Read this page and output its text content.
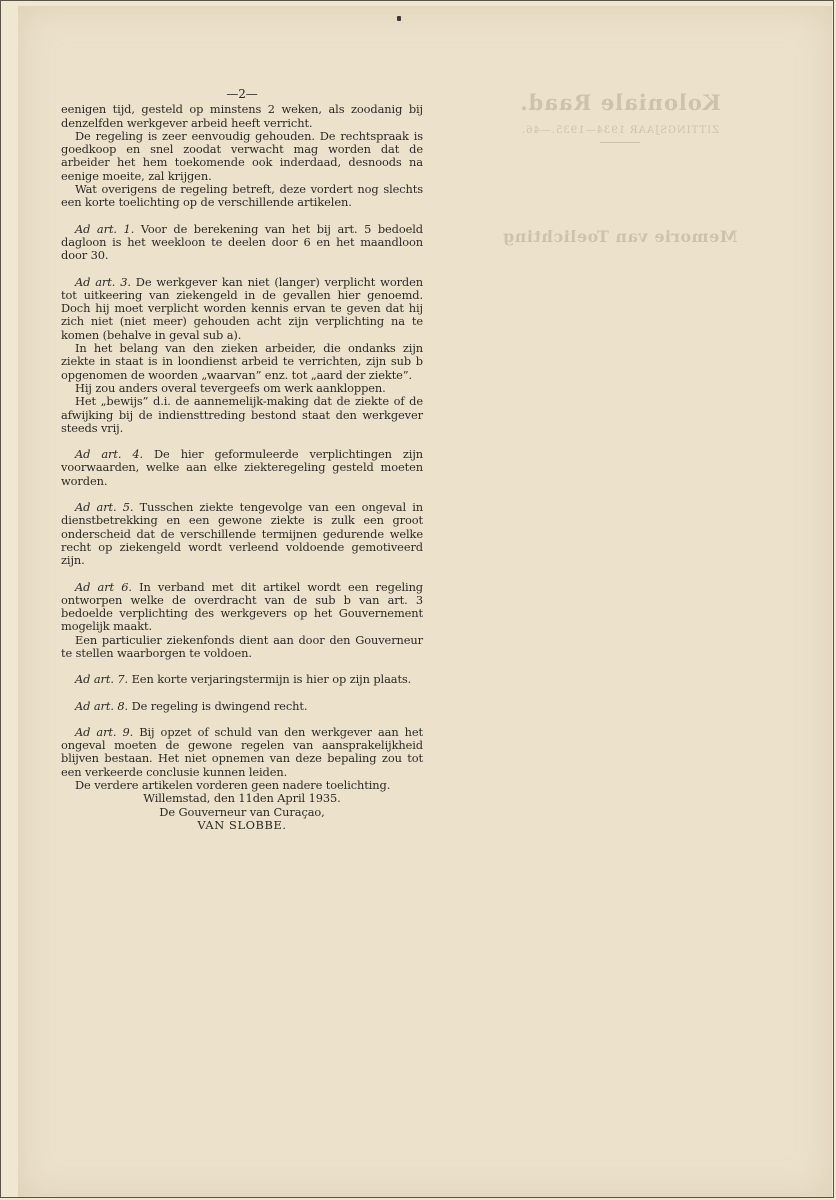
Koloniale Raad.
ZITTINGSJAAR 1934—1935.—46.
Memorie van Toelichting
—2—

eenigen tijd, gesteld op minstens 2 weken, als zoodanig bij denzelfden werkgever arbeid heeft verricht.

De regeling is zeer eenvoudig gehouden. De rechtspraak is goedkoop en snel zoodat verwacht mag worden dat de arbeider het hem toekomende ook inderdaad, desnoods na eenige moeite, zal krijgen.

Wat overigens de regeling betreft, deze vordert nog slechts een korte toelichting op de verschillende artikelen.

Ad art. 1. Voor de berekening van het bij art. 5 bedoeld dagloon is het weekloon te deelen door 6 en het maandloon door 30.

Ad art. 3. De werkgever kan niet (langer) verplicht worden tot uitkeering van ziekengeld in de gevallen hier genoemd. Doch hij moet verplicht worden kennis ervan te geven dat hij zich niet (niet meer) gehouden acht zijn verplichting na te komen (behalve in geval sub a).

In het belang van den zieken arbeider, die ondanks zijn ziekte in staat is in loondienst arbeid te verrichten, zijn sub b opgenomen de woorden „waarvan” enz. tot „aard der ziekte”.

Hij zou anders overal tevergeefs om werk aankloppen.

Het „bewijs” d.i. de aannemelijk-making dat de ziekte of de afwijking bij de indiensttreding bestond staat den werkgever steeds vrij.

Ad art. 4. De hier geformuleerde verplichtingen zijn voorwaarden, welke aan elke ziekteregeling gesteld moeten worden.

Ad art. 5. Tusschen ziekte tengevolge van een ongeval in dienstbetrekking en een gewone ziekte is zulk een groot onderscheid dat de verschillende termijnen gedurende welke recht op ziekengeld wordt verleend voldoende gemotiveerd zijn.

Ad art 6. In verband met dit artikel wordt een regeling ontworpen welke de overdracht van de sub b van art. 3 bedoelde verplichting des werkgevers op het Gouvernement mogelijk maakt.

Een particulier ziekenfonds dient aan door den Gouverneur te stellen waarborgen te voldoen.

Ad art. 7. Een korte verjaringstermijn is hier op zijn plaats.

Ad art. 8. De regeling is dwingend recht.

Ad art. 9. Bij opzet of schuld van den werkgever aan het ongeval moeten de gewone regelen van aansprakelijkheid blijven bestaan. Het niet opnemen van deze bepaling zou tot een verkeerde conclusie kunnen leiden.

De verdere artikelen vorderen geen nadere toelichting.

Willemstad, den 11den April 1935.

De Gouverneur van Curaçao,

VAN SLOBBE.
